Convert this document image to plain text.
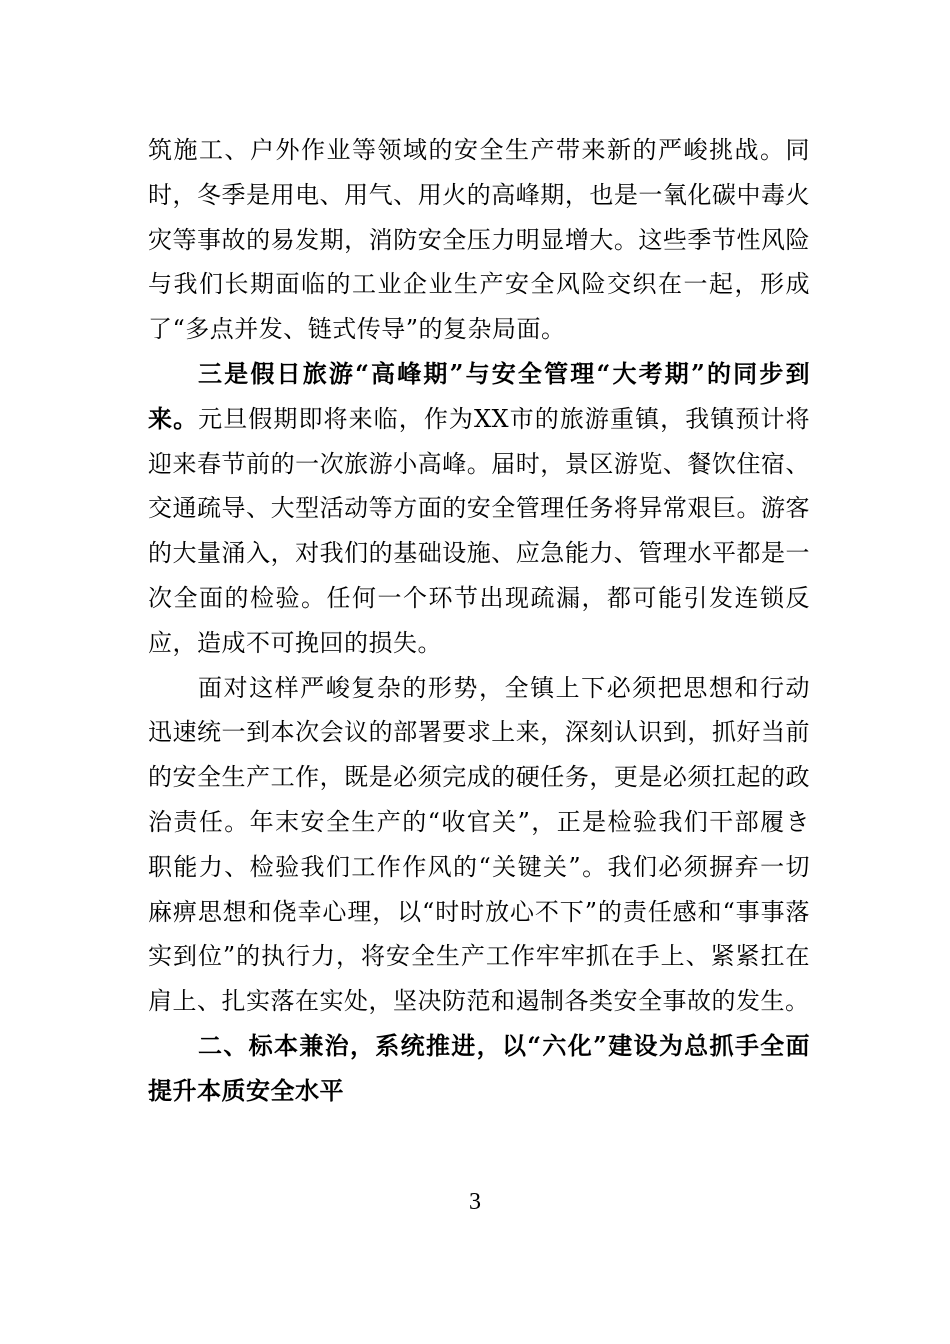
筑施工、户外作业等领域的安全生产带来新的严峻挑战。同时，冬季是用电、用气、用火的高峰期，也是一氧化碳中毒火灾等事故的易发期，消防安全压力明显增大。这些季节性风险与我们长期面临的工业企业生产安全风险交织在一起，形成了“多点并发、链式传导”的复杂局面。

三是假日旅游“高峰期”与安全管理“大考期”的同步到来。元旦假期即将来临，作为XX市的旅游重镇，我镇预计将迎来春节前的一次旅游小高峰。届时，景区游览、餐饮住宿、交通疏导、大型活动等方面的安全管理任务将异常艰巨。游客的大量涌入，对我们的基础设施、应急能力、管理水平都是一次全面的检验。任何一个环节出现疏漏，都可能引发连锁反应，造成不可挽回的损失。

面对这样严峻复杂的形势，全镇上下必须把思想和行动迅速统一到本次会议的部署要求上来，深刻认识到，抓好当前的安全生产工作，既是必须完成的硬任务，更是必须扛起的政治责任。年末安全生产的“收官关”，正是检验我们干部履き职能力、检验我们工作作风的“关键关”。我们必须摒弃一切麻痹思想和侥幸心理，以“时时放心不下”的责任感和“事事落实到位”的执行力，将安全生产工作牢牢抓在手上、紧紧扛在肩上、扎实落在实处，坚决防范和遏制各类安全事故的发生。

二、标本兼治，系统推进，以“六化”建设为总抓手全面提升本质安全水平

3
